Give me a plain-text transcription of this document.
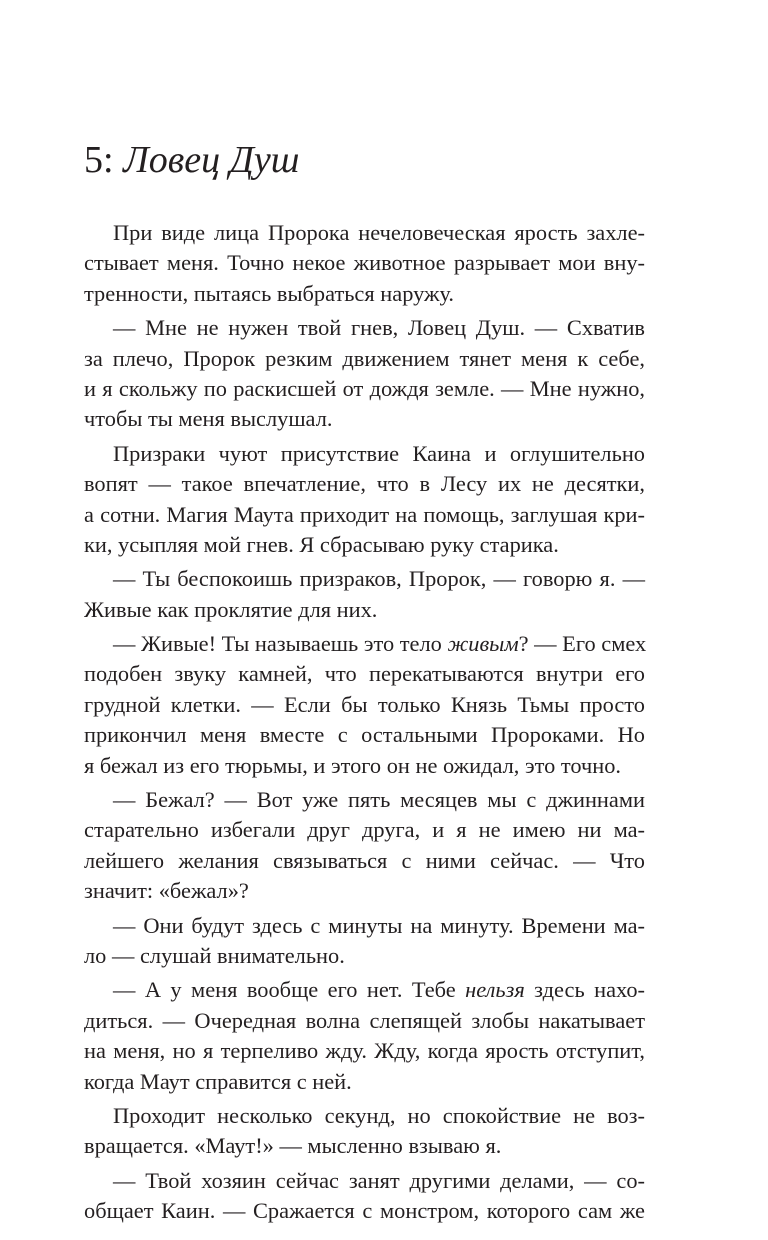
5: Ловец Душ
При виде лица Пророка нечеловеческая ярость захле-
стывает меня. Точно некое животное разрывает мои вну-
тренности, пытаясь выбраться наружу.
— Мне не нужен твой гнев, Ловец Душ. — Схватив
за плечо, Пророк резким движением тянет меня к себе,
и я скольжу по раскисшей от дождя земле. — Мне нужно,
чтобы ты меня выслушал.
Призраки чуют присутствие Каина и оглушительно
вопят — такое впечатление, что в Лесу их не десятки,
а сотни. Магия Маута приходит на помощь, заглушая кри-
ки, усыпляя мой гнев. Я сбрасываю руку старика.
— Ты беспокоишь призраков, Пророк, — говорю я. —
Живые как проклятие для них.
— Живые! Ты называешь это тело живым? — Его смех
подобен звуку камней, что перекатываются внутри его
грудной клетки. — Если бы только Князь Тьмы просто
прикончил меня вместе с остальными Пророками. Но
я бежал из его тюрьмы, и этого он не ожидал, это точно.
— Бежал? — Вот уже пять месяцев мы с джиннами
старательно избегали друг друга, и я не имею ни ма-
лейшего желания связываться с ними сейчас. — Что
значит: «бежал»?
— Они будут здесь с минуты на минуту. Времени ма-
ло — слушай внимательно.
— А у меня вообще его нет. Тебе нельзя здесь нахо-
диться. — Очередная волна слепящей злобы накатывает
на меня, но я терпеливо жду. Жду, когда ярость отступит,
когда Маут справится с ней.
Проходит несколько секунд, но спокойствие не воз-
вращается. «Маут!» — мысленно взываю я.
— Твой хозяин сейчас занят другими делами, — со-
общает Каин. — Сражается с монстром, которого сам же
